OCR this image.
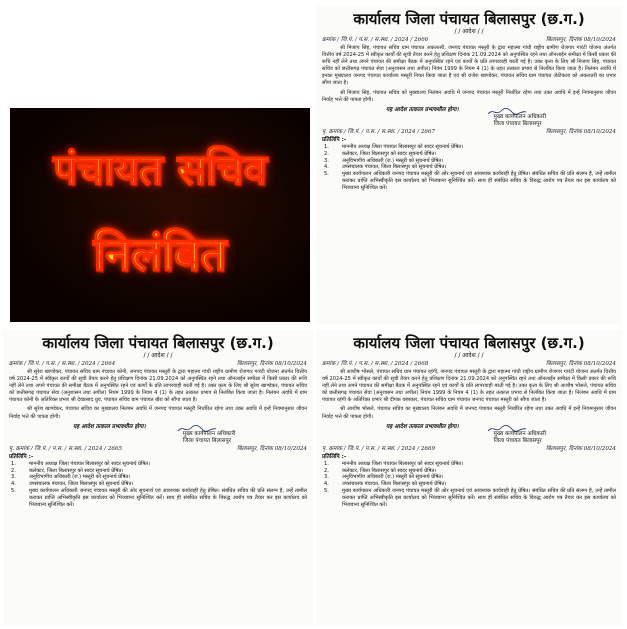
पंचायत सचिव
निलंबित
कार्यालय जिला पंचायत बिलासपुर (छ.ग.)
/ / आदेश / /
क्रमांक / जि.पं. / प.स. / स.स्था. / 2024 / 2666	बिलासपुर, दिनांक 08/10/2024

श्री मिजाय सिंह, पंचायत सचिव ग्राम पंचायत अकलतरी, जनपद पंचायत मस्तूरी के द्वारा महात्मा गांधी राष्ट्रीय ग्रामीण रोजगार गारंटी योजना अंतर्गत वित्तीय वर्ष 2024-25 में स्वीकृत कार्यों की सूची तैयार करने हेतु प्रशिक्षण दिनांक 21.09.2024 को अनुपस्थित रहने तथा ऑनलाईन समीक्षा में किसी प्रकार की रूचि नहीं लेने तथा अपने पंचायत की समीक्षा बैठक में अनुपस्थित रहने एवं कार्यों के प्रति लापरवाही बरती गई है। उक्त कृत्य के लिए श्री मिजाय सिंह, पंचायत सचिव को छत्तीसगढ़ पंचायत सेवा (अनुशासन तथा अपील) नियम 1999 के नियम 4 (1) के तहत तत्काल प्रभाव से निलंबित किया जाता है। निलंबन अवधि में इनका मुख्यालय जनपद पंचायत कार्यालय मस्तूरी नियत किया जाता है एवं श्री राजेश खाण्डेकर, पंचायत सचिव ग्राम पंचायत जेठीकला को अकलतरी का प्रभार सौंपा जाता है।

श्री मिजाय सिंह, पंचायत सचिव को मुख्यालय निलंबन अवधि में जनपद पंचायत मस्तूरी निर्धारित रहेगा तथा उक्त अवधि में इन्हें नियमानुसार जीवन निर्वाह भत्ते की पात्रता होगी।

यह आदेश तत्काल प्रभावशील होगा।
मुख्य कार्यपालन अधिकारी
जिला पंचायत बिलासपुर
पृ. क्रमांक / जि.पं. / प.स. / स.स्था. / 2024 / 2667	बिलासपुर, दिनांक 08/10/2024
प्रतिलिपि :-
1.	माननीय अध्यक्ष जिला पंचायत बिलासपुर को सादर सूचनार्थ प्रेषित।
2.	कलेक्टर, जिला बिलासपुर को सादर सूचनार्थ प्रेषित।
3.	अनुविभागीय अधिकारी (रा.) मस्तूरी को सूचनार्थ प्रेषित।
4.	उपसंचालक पंचायत, जिला बिलासपुर को सूचनार्थ प्रेषित।
5.	मुख्य कार्यपालन अधिकारी जनपद पंचायत मस्तूरी की ओर सूचनार्थ एवं आवश्यक कार्यवाही हेतु प्रेषित। संबंधित सचिव की प्रति संलग्न है, उन्हें तामील कराकर प्राप्ति अभिस्वीकृति इस कार्यालय को भिजवाना सुनिश्चित करें। साथ ही संबंधित सचिव के विरुद्ध आरोप पत्र तैयार कर इस कार्यालय को भिजवाना सुनिश्चित करें।
कार्यालय जिला पंचायत बिलासपुर (छ.ग.)
/ / आदेश / /
क्रमांक / जि.पं. / प.स. / स.स्था. / 2024 / 2664	बिलासपुर, दिनांक 08/10/2024

श्री सुरेश खाण्डेकर, पंचायत सचिव ग्राम पंचायत कोनी, जनपद पंचायत मस्तूरी के द्वारा महात्मा गांधी राष्ट्रीय ग्रामीण रोजगार गारंटी योजना अंतर्गत वित्तीय वर्ष 2024-25 में स्वीकृत कार्यों की सूची तैयार करने हेतु प्रशिक्षण दिनांक 21.09.2024 को अनुपस्थित रहने तथा ऑनलाईन समीक्षा में किसी प्रकार की रूचि नहीं लेने तथा अपने पंचायत की समीक्षा बैठक में अनुपस्थित रहने एवं कार्यों के प्रति लापरवाही बरती गई है। उक्त कृत्य के लिए श्री सुरेश खाण्डेकर, पंचायत सचिव को छत्तीसगढ़ पंचायत सेवा (अनुशासन तथा अपील) नियम 1999 के नियम 4 (1) के तहत तत्काल प्रभाव से निलंबित किया जाता है। निलंबन अवधि में ग्राम पंचायत कोनी के अतिरिक्त प्रभार श्री देवप्रसाद धुव, पंचायत सचिव ग्राम पंचायत खैरा को सौंपा जाता है।

श्री सुरेश खाण्डेकर, पंचायत सचिव का मुख्यालय निलंबन अवधि में जनपद पंचायत मस्तूरी निर्धारित रहेगा तथा उक्त अवधि में इन्हें नियमानुसार जीवन निर्वाह भत्ते की पात्रता होगी।

यह आदेश तत्काल प्रभावशील होगा।
मुख्य कार्यपालन अधिकारी
जिला पंचायत बिलासपुर
पृ. क्रमांक / जि.पं. / प.स. / स.स्था. / 2024 / 2665	बिलासपुर, दिनांक 08/10/2024
प्रतिलिपि :-
1.	माननीय अध्यक्ष जिला पंचायत बिलासपुर को सादर सूचनार्थ प्रेषित।
2.	कलेक्टर, जिला बिलासपुर को सादर सूचनार्थ प्रेषित।
3.	अनुविभागीय अधिकारी (रा.) मस्तूरी को सूचनार्थ प्रेषित।
4.	उपसंचालक पंचायत, जिला बिलासपुर को सूचनार्थ प्रेषित।
5.	मुख्य कार्यपालन अधिकारी जनपद पंचायत मस्तूरी की ओर सूचनार्थ एवं आवश्यक कार्यवाही हेतु प्रेषित। संबंधित सचिव की प्रति संलग्न है, उन्हें तामील कराकर प्राप्ति अभिस्वीकृति इस कार्यालय को भिजवाना सुनिश्चित करें। साथ ही संबंधित सचिव के विरुद्ध आरोप पत्र तैयार कर इस कार्यालय को भिजवाना सुनिश्चित करें।
कार्यालय जिला पंचायत बिलासपुर (छ.ग.)
/ / आदेश / /
क्रमांक / जि.पं. / प.स. / स.स्था. / 2024 / 2668	बिलासपुर, दिनांक 08/10/2024

श्री आशीष भोसले, पंचायत सचिव ग्राम पंचायत रहंगी, जनपद पंचायत मस्तूरी के द्वारा महात्मा गांधी राष्ट्रीय ग्रामीण रोजगार गारंटी योजना अंतर्गत वित्तीय वर्ष 2024-25 में स्वीकृत कार्यों की सूची तैयार करने हेतु प्रशिक्षण दिनांक 21.09.2024 को अनुपस्थित रहने तथा ऑनलाईन समीक्षा में किसी प्रकार की रूचि नहीं लेने तथा अपने पंचायत की समीक्षा बैठक में अनुपस्थित रहने एवं कार्यों के प्रति लापरवाही बरती गई है। उक्त कृत्य के लिए श्री आशीष भोसले, पंचायत सचिव को छत्तीसगढ़ पंचायत सेवा (अनुशासन तथा अपील) नियम 1999 के नियम 4 (1) के तहत तत्काल प्रभाव से निलंबित किया जाता है। निलंबन अवधि में ग्राम पंचायत रहंगी के अतिरिक्त प्रभार श्री दीपक वस्त्रकार, पंचायत सचिव ग्राम पंचायत जनपद पंचायत मस्तूरी को सौंपा जाता है।

श्री आशीष भोसले, पंचायत सचिव का मुख्यालय निलंबन अवधि में जनपद पंचायत मस्तूरी निर्धारित रहेगा तथा उक्त अवधि में इन्हें नियमानुसार जीवन निर्वाह भत्ते की पात्रता होगी।

यह आदेश तत्काल प्रभावशील होगा।
मुख्य कार्यपालन अधिकारी
जिला पंचायत बिलासपुर
पृ. क्रमांक / जि.पं. / प.स. / स.स्था. / 2024 / 2669	बिलासपुर, दिनांक 08/10/2024
प्रतिलिपि :-
1.	माननीय अध्यक्ष जिला पंचायत बिलासपुर को सादर सूचनार्थ प्रेषित।
2.	कलेक्टर, जिला बिलासपुर को सादर सूचनार्थ प्रेषित।
3.	अनुविभागीय अधिकारी (रा.) मस्तूरी को सूचनार्थ प्रेषित।
4.	उपसंचालक पंचायत, जिला बिलासपुर को सूचनार्थ प्रेषित।
5.	मुख्य कार्यपालन अधिकारी जनपद पंचायत मस्तूरी की ओर सूचनार्थ एवं आवश्यक कार्यवाही हेतु प्रेषित। संबंधित सचिव की प्रति संलग्न है, उन्हें तामील कराकर प्राप्ति अभिस्वीकृति इस कार्यालय को भिजवाना सुनिश्चित करें। साथ ही संबंधित सचिव के विरुद्ध आरोप पत्र तैयार कर इस कार्यालय को भिजवाना सुनिश्चित करें।
